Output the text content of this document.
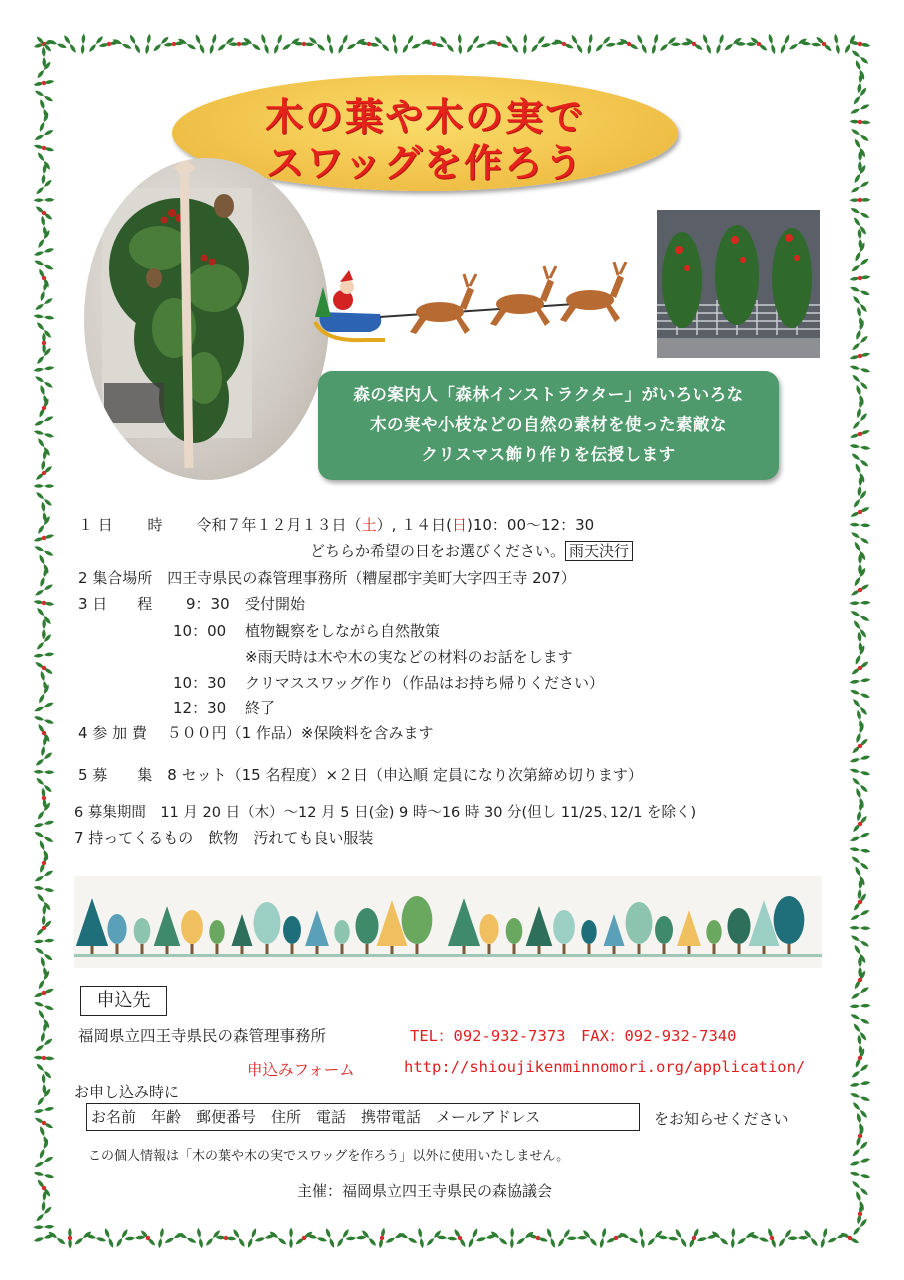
木の葉や木の実で
スワッグを作ろう
森の案内人「森林インストラクター」がいろいろな
木の実や小枝などの自然の素材を使った素敵な
クリスマス飾り作りを伝授します
１ 日　　 時 令和７年１２月１３日（土）, １４日(日)10：00～12：30
どちらか希望の日をお選びください。 雨天決行
2 集合場所　四王寺県民の森管理事務所（糟屋郡宇美町大字四王寺 207）
3 日　　程 9：30 受付開始
10：00 植物観察をしながら自然散策
※雨天時は木や木の実などの材料のお話をします
10：30 クリマススワッグ作り（作品はお持ち帰りください）
12：30 終了
4 参 加 費　 ５００円（1 作品）※保険料を含みます
5 募　　集　8 セット（15 名程度）×２日（申込順 定員になり次第締め切ります）
6 募集期間　11 月 20 日（木）～12 月 5 日(金) 9 時～16 時 30 分(但し 11/25､12/1 を除く)
7 持ってくるもの　飲物　汚れても良い服装
申込先
福岡県立四王寺県民の森管理事務所	TEL：092-932-7373　FAX：092-932-7340
申込みフォーム	http://shioujikenminnomori.org/application/
お申し込み時に
お名前　年齢　郵便番号　住所　電話　携帯電話　メールアドレス	をお知らせください
この個人情報は「木の葉や木の実でスワッグを作ろう」以外に使用いたしません。
主催：福岡県立四王寺県民の森協議会
